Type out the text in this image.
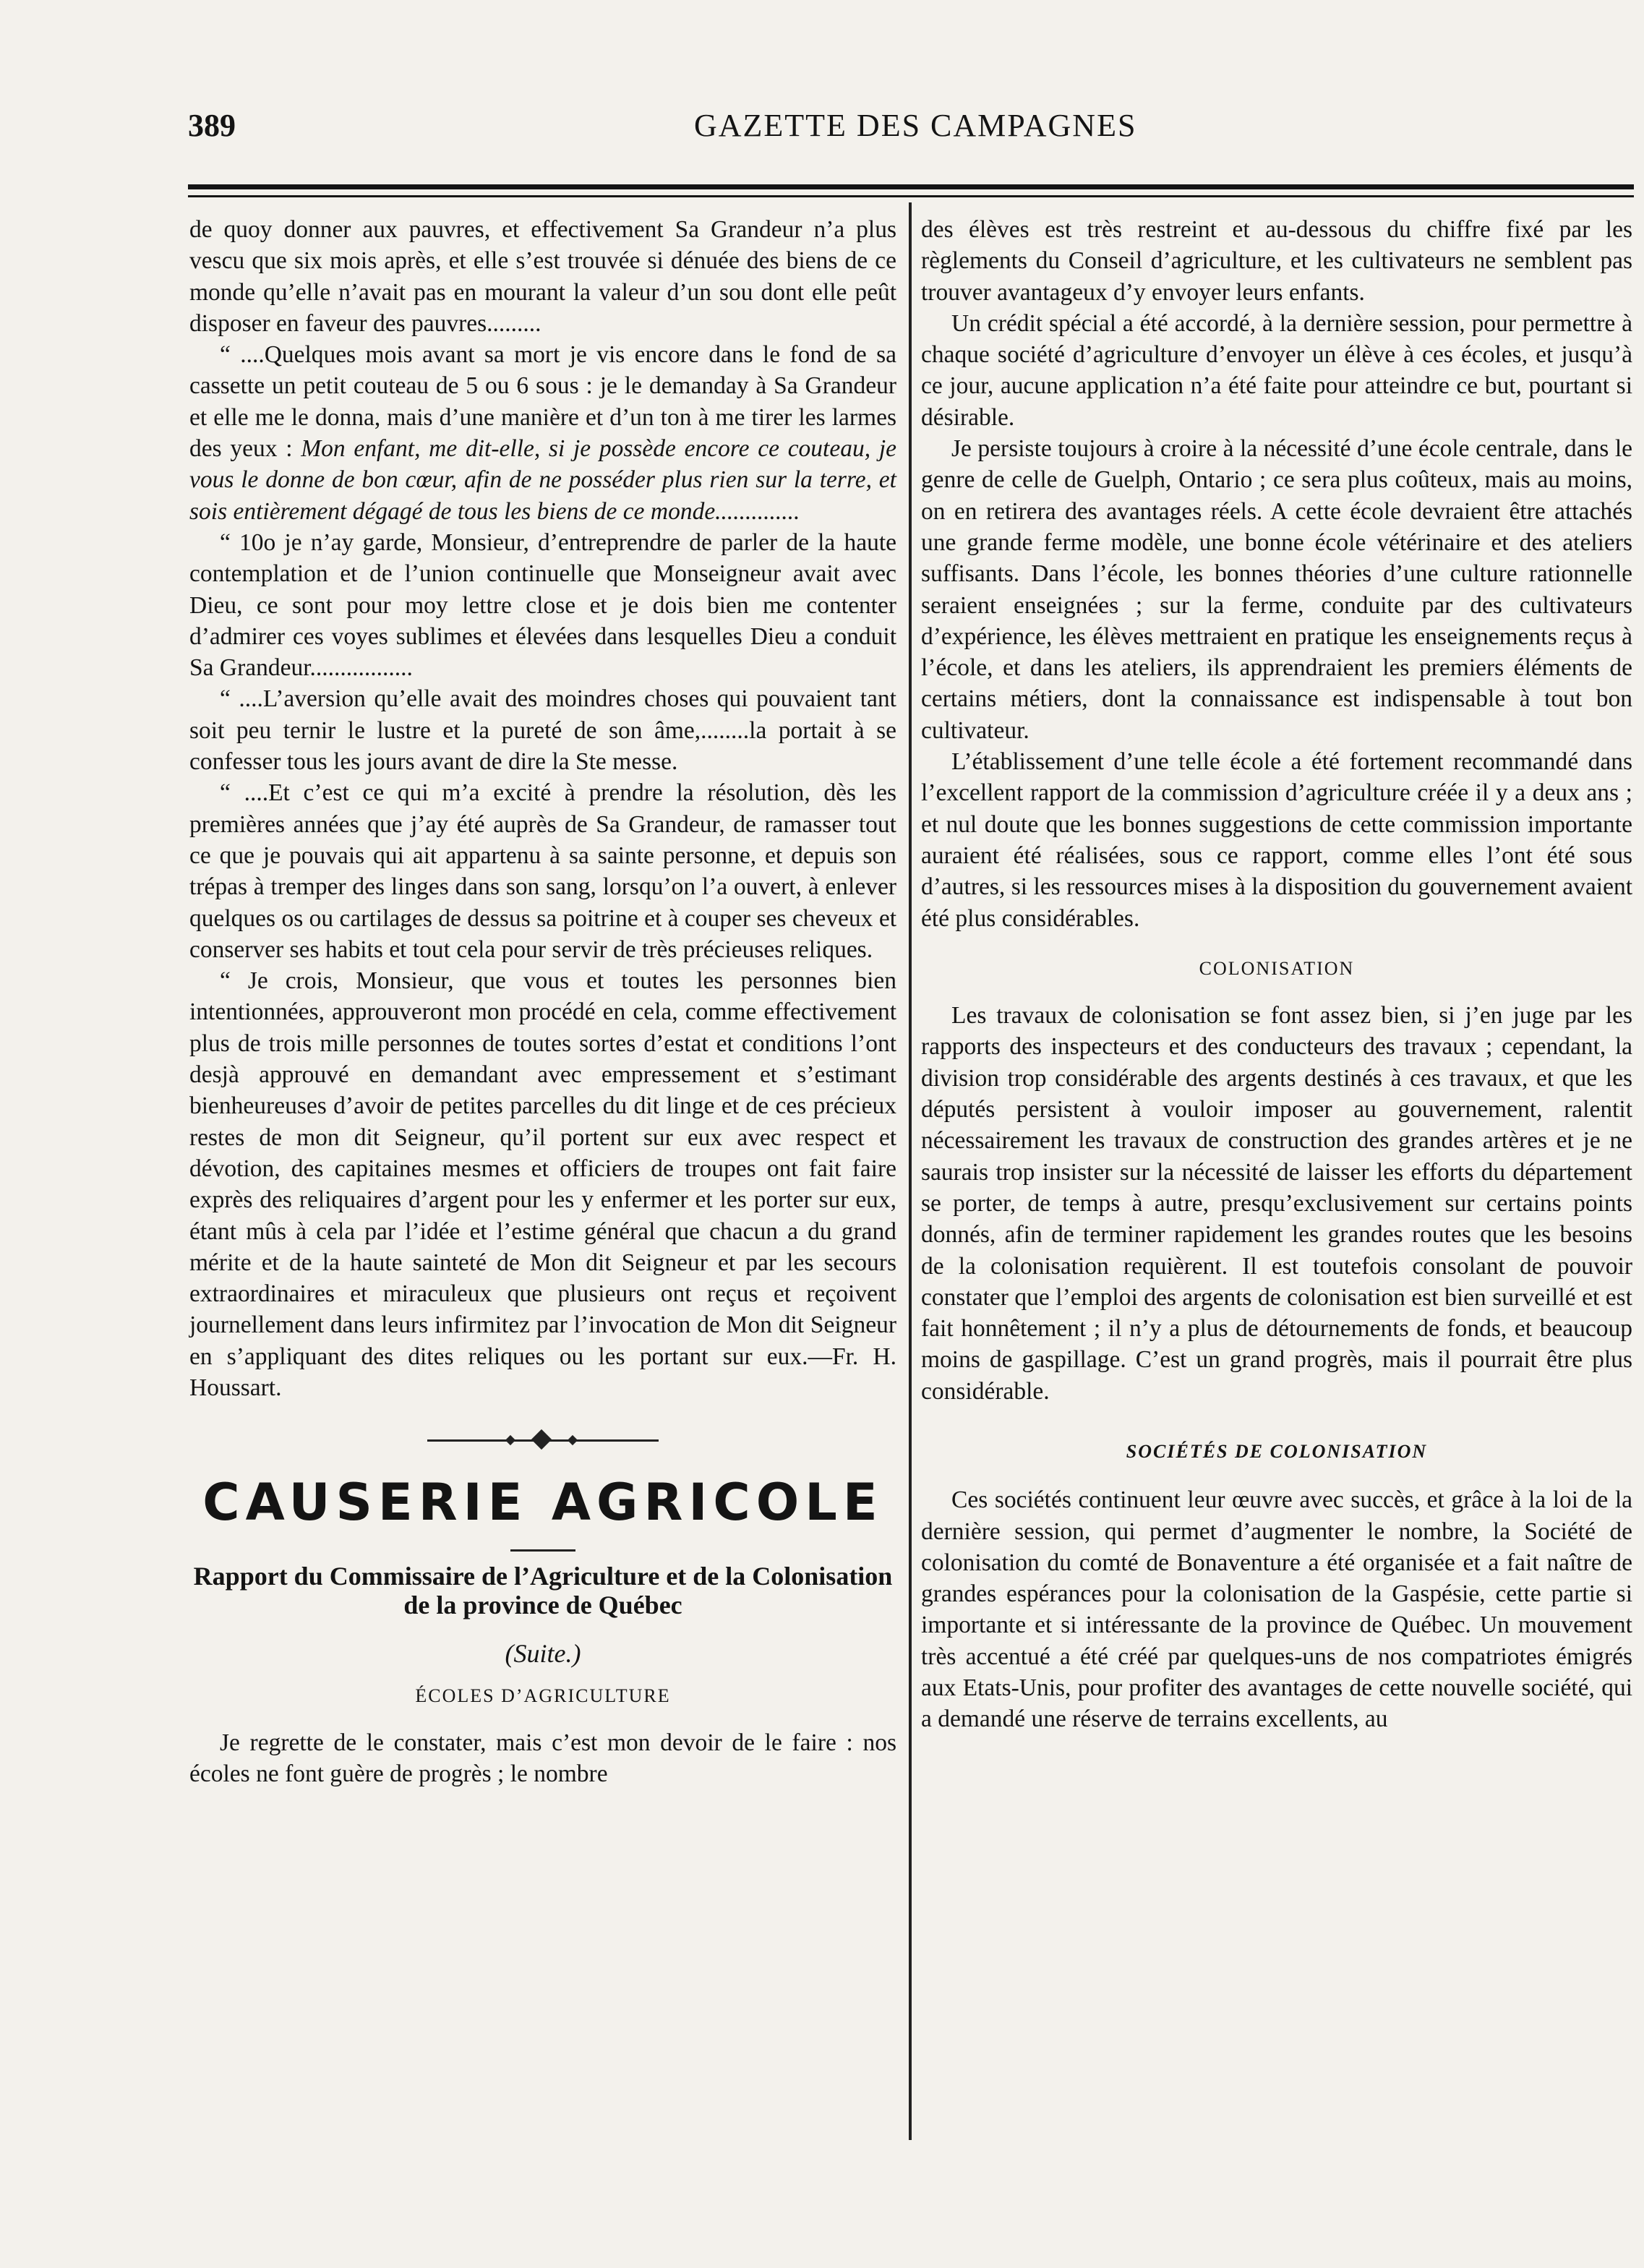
389	GAZETTE DES CAMPAGNES

de quoy donner aux pauvres, et effectivement Sa Grandeur n’a plus vescu que six mois après, et elle s’est trouvée si dénuée des biens de ce monde qu’elle n’avait pas en mourant la valeur d’un sou dont elle peût disposer en faveur des pauvres.........

“ ....Quelques mois avant sa mort je vis encore dans le fond de sa cassette un petit couteau de 5 ou 6 sous : je le demanday à Sa Grandeur et elle me le donna, mais d’une manière et d’un ton à me tirer les larmes des yeux : Mon enfant, me dit-elle, si je possède encore ce couteau, je vous le donne de bon cœur, afin de ne posséder plus rien sur la terre, et sois entièrement dégagé de tous les biens de ce monde..............

“ 10o je n’ay garde, Monsieur, d’entreprendre de parler de la haute contemplation et de l’union continuelle que Monseigneur avait avec Dieu, ce sont pour moy lettre close et je dois bien me contenter d’admirer ces voyes sublimes et élevées dans lesquelles Dieu a conduit Sa Grandeur.................

“ ....L’aversion qu’elle avait des moindres choses qui pouvaient tant soit peu ternir le lustre et la pureté de son âme,........la portait à se confesser tous les jours avant de dire la Ste messe.

“ ....Et c’est ce qui m’a excité à prendre la résolution, dès les premières années que j’ay été auprès de Sa Grandeur, de ramasser tout ce que je pouvais qui ait appartenu à sa sainte personne, et depuis son trépas à tremper des linges dans son sang, lorsqu’on l’a ouvert, à enlever quelques os ou cartilages de dessus sa poitrine et à couper ses cheveux et conserver ses habits et tout cela pour servir de très précieuses reliques.

“ Je crois, Monsieur, que vous et toutes les personnes bien intentionnées, approuveront mon procédé en cela, comme effectivement plus de trois mille personnes de toutes sortes d’estat et conditions l’ont desjà approuvé en demandant avec empressement et s’estimant bienheureuses d’avoir de petites parcelles du dit linge et de ces précieux restes de mon dit Seigneur, qu’il portent sur eux avec respect et dévotion, des capitaines mesmes et officiers de troupes ont fait faire exprès des reliquaires d’argent pour les y enfermer et les porter sur eux, étant mûs à cela par l’idée et l’estime général que chacun a du grand mérite et de la haute sainteté de Mon dit Seigneur et par les secours extraordinaires et miraculeux que plusieurs ont reçus et reçoivent journellement dans leurs infirmitez par l’invocation de Mon dit Seigneur en s’appliquant des dites reliques ou les portant sur eux.—Fr. H. Houssart.

CAUSERIE AGRICOLE
Rapport du Commissaire de l’Agriculture et de la Colonisation de la province de Québec
(Suite.)
ÉCOLES D’AGRICULTURE

Je regrette de le constater, mais c’est mon devoir de le faire : nos écoles ne font guère de progrès ; le nombre

des élèves est très restreint et au-dessous du chiffre fixé par les règlements du Conseil d’agriculture, et les cultivateurs ne semblent pas trouver avantageux d’y envoyer leurs enfants.

Un crédit spécial a été accordé, à la dernière session, pour permettre à chaque société d’agriculture d’envoyer un élève à ces écoles, et jusqu’à ce jour, aucune application n’a été faite pour atteindre ce but, pourtant si désirable.

Je persiste toujours à croire à la nécessité d’une école centrale, dans le genre de celle de Guelph, Ontario ; ce sera plus coûteux, mais au moins, on en retirera des avantages réels. A cette école devraient être attachés une grande ferme modèle, une bonne école vétérinaire et des ateliers suffisants. Dans l’école, les bonnes théories d’une culture rationnelle seraient enseignées ; sur la ferme, conduite par des cultivateurs d’expérience, les élèves mettraient en pratique les enseignements reçus à l’école, et dans les ateliers, ils apprendraient les premiers éléments de certains métiers, dont la connaissance est indispensable à tout bon cultivateur.

L’établissement d’une telle école a été fortement recommandé dans l’excellent rapport de la commission d’agriculture créée il y a deux ans ; et nul doute que les bonnes suggestions de cette commission importante auraient été réalisées, sous ce rapport, comme elles l’ont été sous d’autres, si les ressources mises à la disposition du gouvernement avaient été plus considérables.

COLONISATION

Les travaux de colonisation se font assez bien, si j’en juge par les rapports des inspecteurs et des conducteurs des travaux ; cependant, la division trop considérable des argents destinés à ces travaux, et que les députés persistent à vouloir imposer au gouvernement, ralentit nécessairement les travaux de construction des grandes artères et je ne saurais trop insister sur la nécessité de laisser les efforts du département se porter, de temps à autre, presqu’exclusivement sur certains points donnés, afin de terminer rapidement les grandes routes que les besoins de la colonisation requièrent. Il est toutefois consolant de pouvoir constater que l’emploi des argents de colonisation est bien surveillé et est fait honnêtement ; il n’y a plus de détournements de fonds, et beaucoup moins de gaspillage. C’est un grand progrès, mais il pourrait être plus considérable.

SOCIÉTÉS DE COLONISATION

Ces sociétés continuent leur œuvre avec succès, et grâce à la loi de la dernière session, qui permet d’augmenter le nombre, la Société de colonisation du comté de Bonaventure a été organisée et a fait naître de grandes espérances pour la colonisation de la Gaspésie, cette partie si importante et si intéressante de la province de Québec. Un mouvement très accentué a été créé par quelques-uns de nos compatriotes émigrés aux Etats-Unis, pour profiter des avantages de cette nouvelle société, qui a demandé une réserve de terrains excellents, au
